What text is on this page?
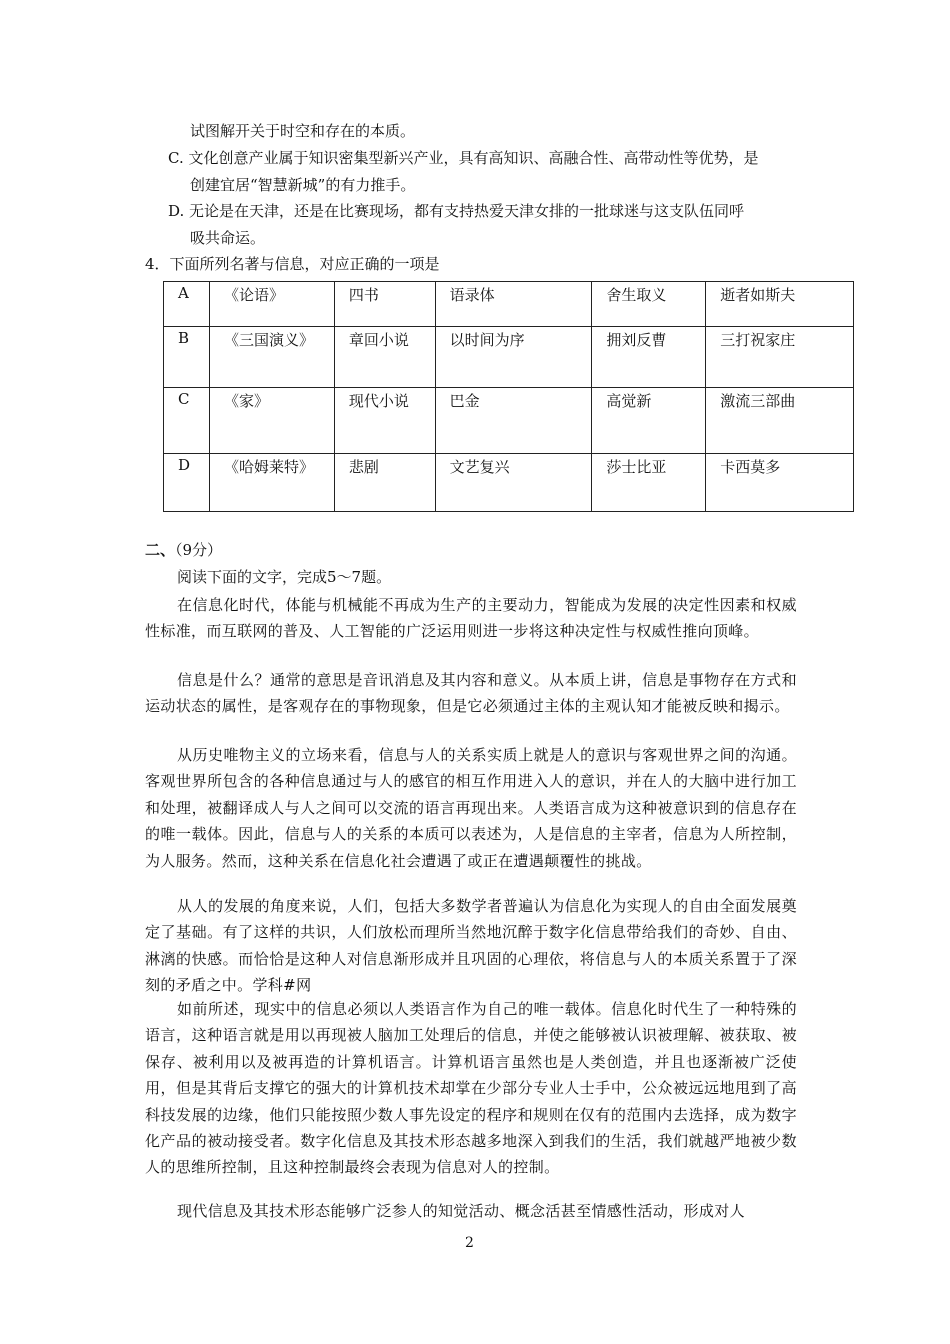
试图解开关于时空和存在的本质。
C. 文化创意产业属于知识密集型新兴产业，具有高知识、高融合性、高带动性等优势，是
创建宜居“智慧新城”的有力推手。
D. 无论是在天津，还是在比赛现场，都有支持热爱天津女排的一批球迷与这支队伍同呼
吸共命运。
4．下面所列名著与信息，对应正确的一项是
A	《论语》	四书	语录体	舍生取义	逝者如斯夫
B	《三国演义》	章回小说	以时间为序	拥刘反曹	三打祝家庄
C	《家》	现代小说	巴金	高觉新	激流三部曲
D	《哈姆莱特》	悲剧	文艺复兴	莎士比亚	卡西莫多
二、（9分）
阅读下面的文字，完成5～7题。
在信息化时代，体能与机械能不再成为生产的主要动力，智能成为发展的决定性因素和权威性标准，而互联网的普及、人工智能的广泛运用则进一步将这种决定性与权威性推向顶峰。
信息是什么？通常的意思是音讯消息及其内容和意义。从本质上讲，信息是事物存在方式和运动状态的属性，是客观存在的事物现象，但是它必须通过主体的主观认知才能被反映和揭示。
从历史唯物主义的立场来看，信息与人的关系实质上就是人的意识与客观世界之间的沟通。客观世界所包含的各种信息通过与人的感官的相互作用进入人的意识，并在人的大脑中进行加工和处理，被翻译成人与人之间可以交流的语言再现出来。人类语言成为这种被意识到的信息存在的唯一载体。因此，信息与人的关系的本质可以表述为，人是信息的主宰者，信息为人所控制，为人服务。然而，这种关系在信息化社会遭遇了或正在遭遇颠覆性的挑战。
从人的发展的角度来说，人们，包括大多数学者普遍认为信息化为实现人的自由全面发展奠定了基础。有了这样的共识，人们放松而理所当然地沉醉于数字化信息带给我们的奇妙、自由、淋漓的快感。而恰恰是这种人对信息渐形成并且巩固的心理依，将信息与人的本质关系置于了深刻的矛盾之中。学科#网
如前所述，现实中的信息必须以人类语言作为自己的唯一载体。信息化时代生了一种特殊的语言，这种语言就是用以再现被人脑加工处理后的信息，并使之能够被认识被理解、被获取、被保存、被利用以及被再造的计算机语言。计算机语言虽然也是人类创造，并且也逐渐被广泛使用，但是其背后支撑它的强大的计算机技术却掌在少部分专业人士手中，公众被远远地甩到了高科技发展的边缘，他们只能按照少数人事先设定的程序和规则在仅有的范围内去选择，成为数字化产品的被动接受者。数字化信息及其技术形态越多地深入到我们的生活，我们就越严地被少数人的思维所控制，且这种控制最终会表现为信息对人的控制。
现代信息及其技术形态能够广泛参人的知觉活动、概念活甚至情感性活动，形成对人
2
